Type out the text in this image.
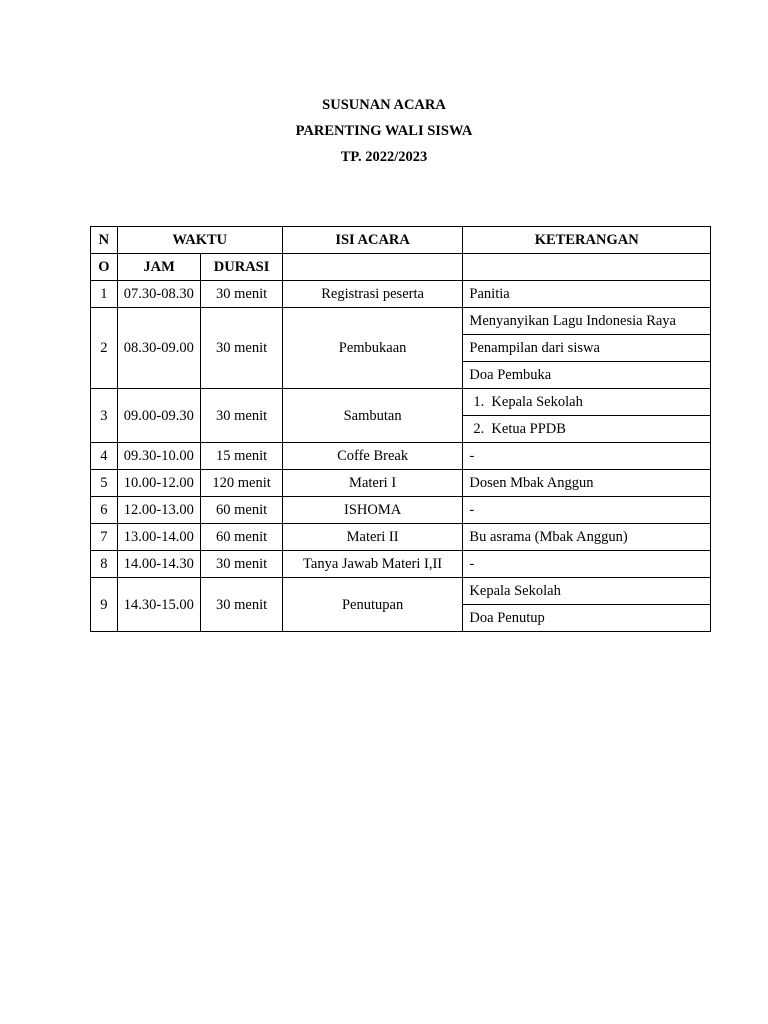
SUSUNAN ACARA
PARENTING WALI SISWA
TP. 2022/2023
N	WAKTU		ISI ACARA	KETERANGAN
O	JAM	DURASI		
1	07.30-08.30	30 menit	Registrasi peserta	Panitia
2	08.30-09.00	30 menit	Pembukaan	Menyanyikan Lagu Indonesia Raya
				Penampilan dari siswa
				Doa Pembuka
3	09.00-09.30	30 menit	Sambutan	1. Kepala Sekolah
				2. Ketua PPDB
4	09.30-10.00	15 menit	Coffe Break	-
5	10.00-12.00	120 menit	Materi I	Dosen Mbak Anggun
6	12.00-13.00	60 menit	ISHOMA	-
7	13.00-14.00	60 menit	Materi II	Bu asrama (Mbak Anggun)
8	14.00-14.30	30 menit	Tanya Jawab Materi I,II	-
9	14.30-15.00	30 menit	Penutupan	Kepala Sekolah
				Doa Penutup
